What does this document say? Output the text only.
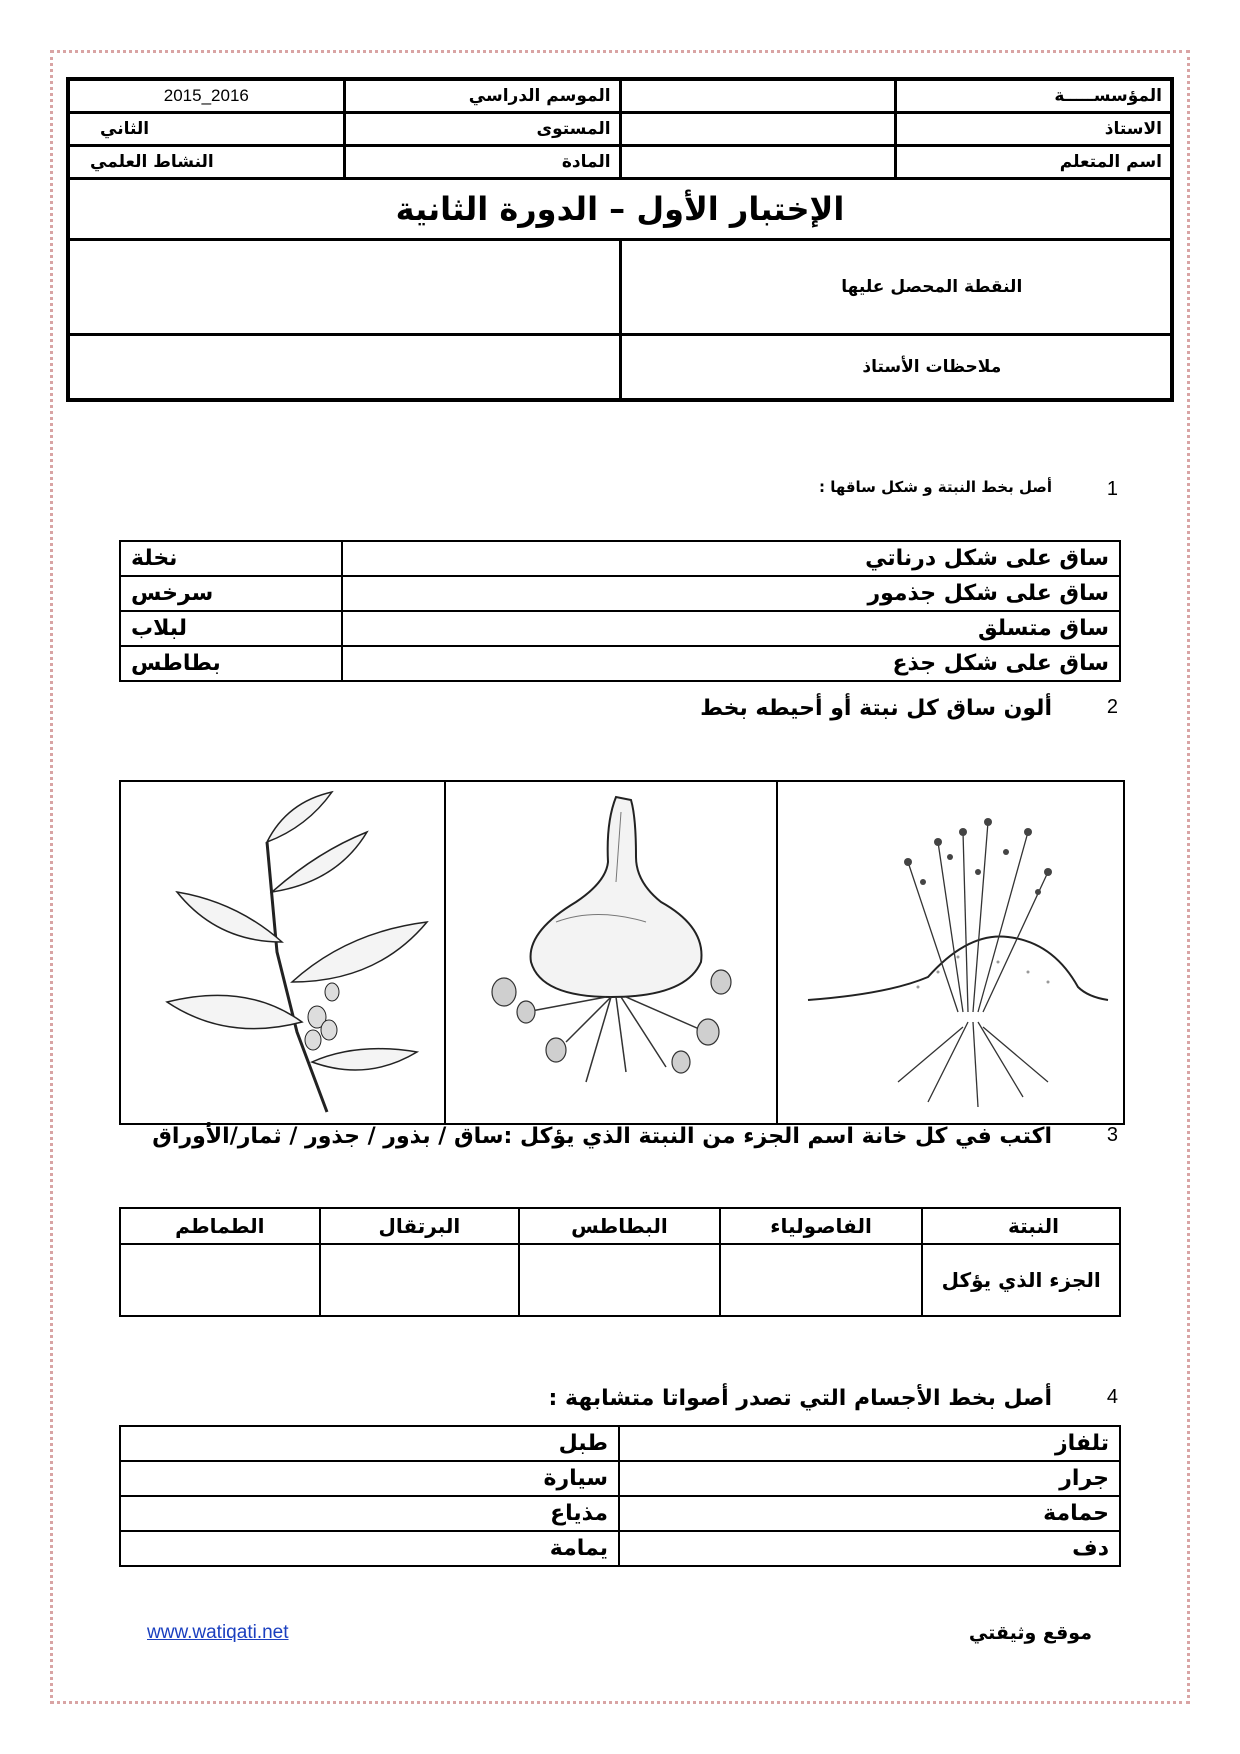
المؤسســـــة		الموسم الدراسي	2016_2015
الاستاذ		المستوى	الثاني
اسم المتعلم		المادة	النشاط العلمي
الإختبار الأول – الدورة الثانية			
النقطة المحصل عليها			
ملاحظات الأستاذ			
1
أصل بخط النبتة و شكل ساقها :
ساق على شكل درناتي	نخلة
ساق على شكل جذمور	سرخس
ساق متسلق	لبلاب
ساق على شكل جذع	بطاطس
2
ألون ساق كل نبتة أو أحيطه بخط
3
اكتب في كل خانة اسم الجزء من النبتة الذي يؤكل :ساق / بذور / جذور / ثمار/الأوراق
النبتة	الفاصولياء	البطاطس	البرتقال	الطماطم
الجزء الذي يؤكل				
4
أصل بخط الأجسام التي تصدر أصواتا متشابهة :
تلفاز	طبل
جرار	سيارة
حمامة	مذياع
دف	يمامة
www.watiqati.net	موقع وثيقتي
